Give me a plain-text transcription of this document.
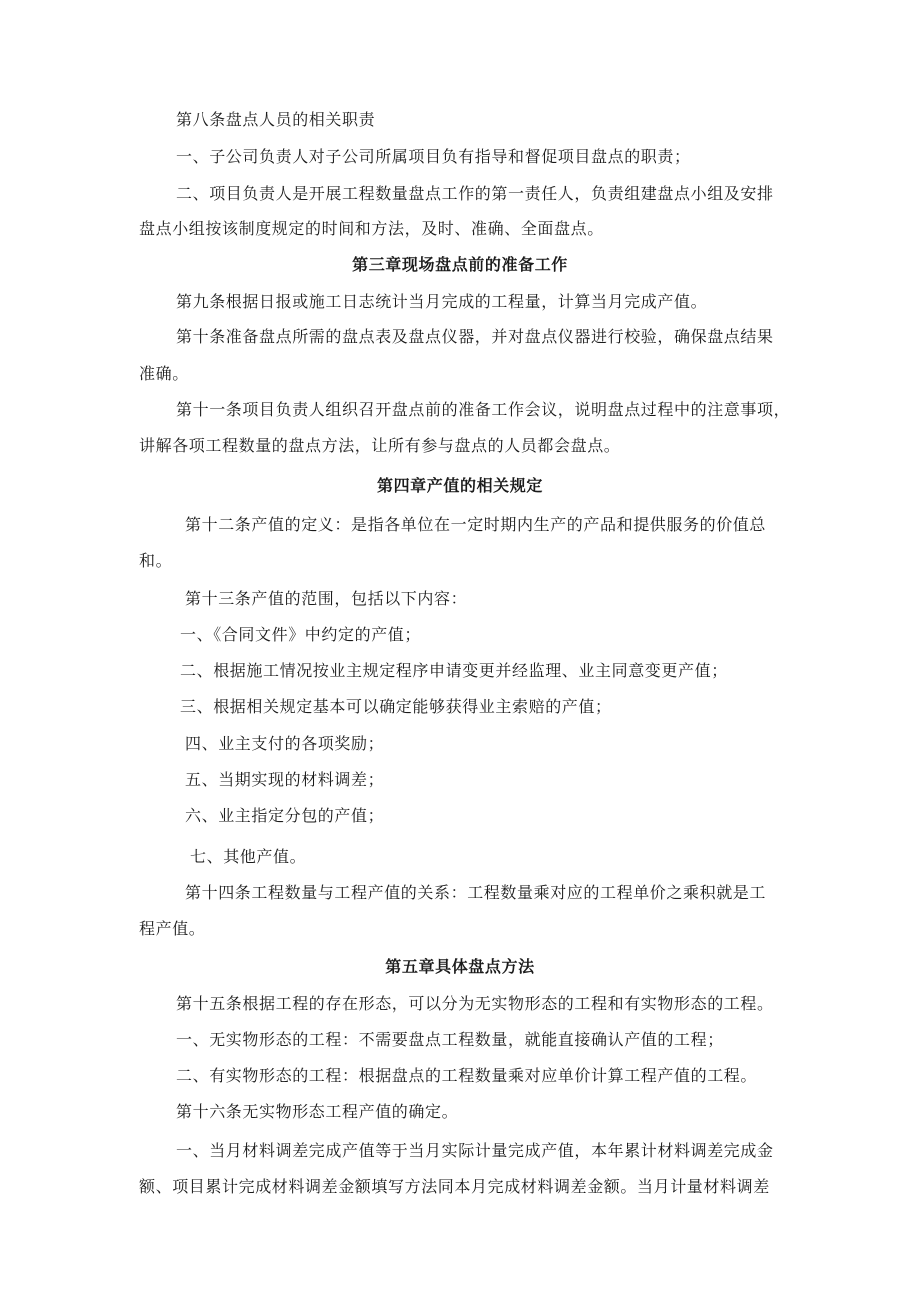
第八条盘点人员的相关职责
一、子公司负责人对子公司所属项目负有指导和督促项目盘点的职责；
二、项目负责人是开展工程数量盘点工作的第一责任人，负责组建盘点小组及安排
盘点小组按该制度规定的时间和方法，及时、准确、全面盘点。
第三章现场盘点前的准备工作
第九条根据日报或施工日志统计当月完成的工程量，计算当月完成产值。
第十条准备盘点所需的盘点表及盘点仪器，并对盘点仪器进行校验，确保盘点结果
准确。
第十一条项目负责人组织召开盘点前的准备工作会议，说明盘点过程中的注意事项，
讲解各项工程数量的盘点方法，让所有参与盘点的人员都会盘点。
第四章产值的相关规定
第十二条产值的定义：是指各单位在一定时期内生产的产品和提供服务的价值总
和。
第十三条产值的范围，包括以下内容：
一、《合同文件》中约定的产值；
二、根据施工情况按业主规定程序申请变更并经监理、业主同意变更产值；
三、根据相关规定基本可以确定能够获得业主索赔的产值；
四、业主支付的各项奖励；
五、当期实现的材料调差；
六、业主指定分包的产值；
七、其他产值。
第十四条工程数量与工程产值的关系：工程数量乘对应的工程单价之乘积就是工
程产值。
第五章具体盘点方法
第十五条根据工程的存在形态，可以分为无实物形态的工程和有实物形态的工程。
一、无实物形态的工程：不需要盘点工程数量，就能直接确认产值的工程；
二、有实物形态的工程：根据盘点的工程数量乘对应单价计算工程产值的工程。
第十六条无实物形态工程产值的确定。
一、当月材料调差完成产值等于当月实际计量完成产值，本年累计材料调差完成金
额、项目累计完成材料调差金额填写方法同本月完成材料调差金额。当月计量材料调差
